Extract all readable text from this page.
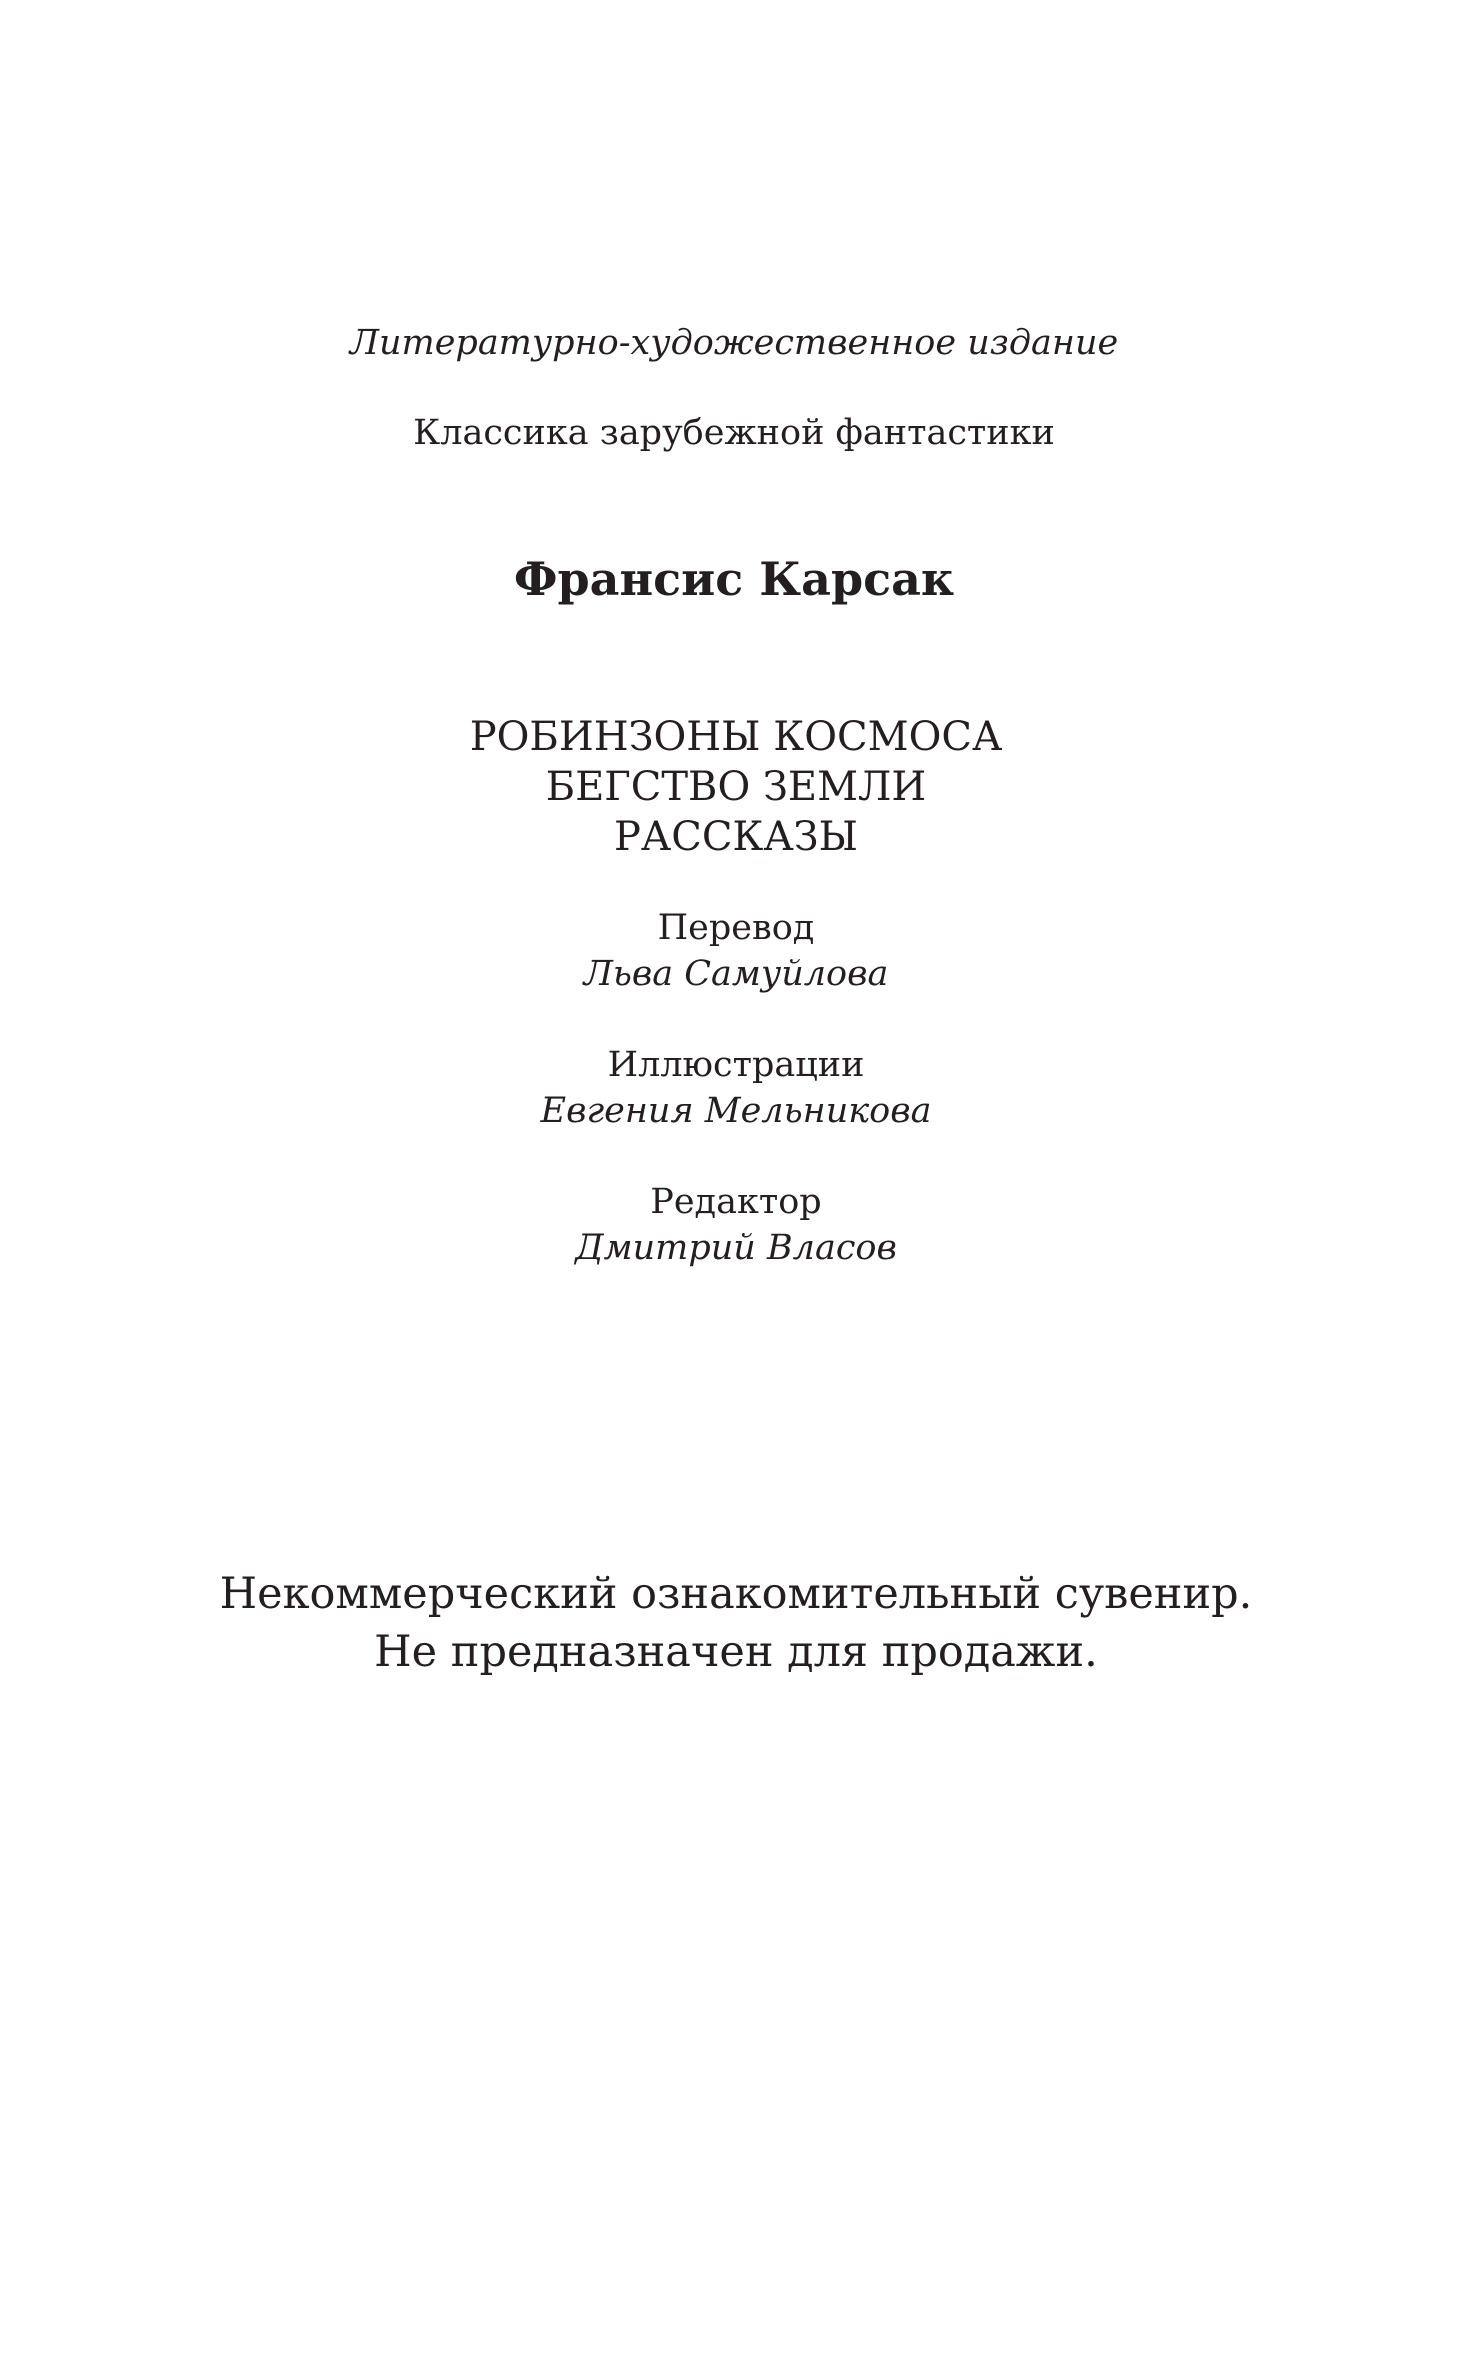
Литературно-художественное издание
Классика зарубежной фантастики
Франсис Карсак
РОБИНЗОНЫ КОСМОСА
БЕГСТВО ЗЕМЛИ
РАССКАЗЫ
Перевод
Льва Самуйлова
Иллюстрации
Евгения Мельникова
Редактор
Дмитрий Власов
Некоммерческий ознакомительный сувенир.
Не предназначен для продажи.
